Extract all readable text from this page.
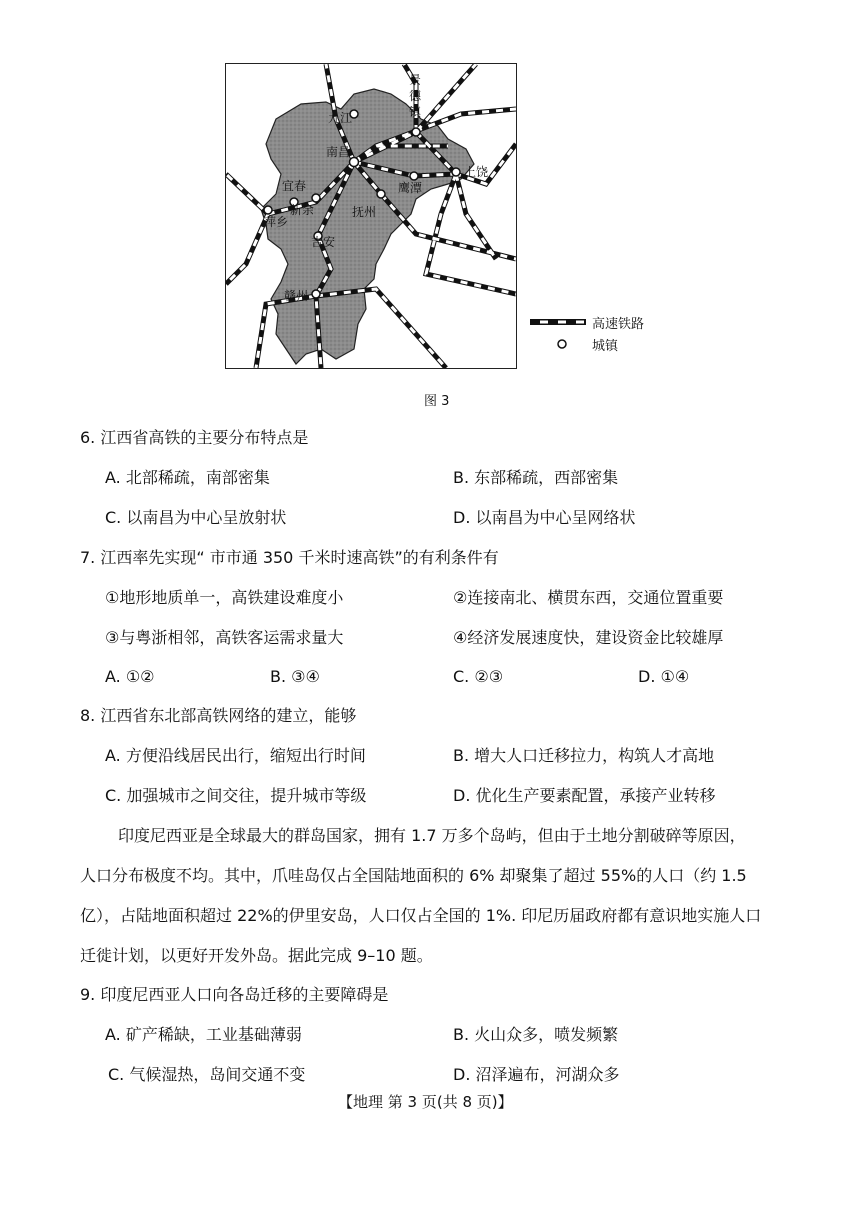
景
德
镇
九江
南昌
上饶
鹰潭
宜春
新余
萍乡
抚州
吉安
赣州
高速铁路
城镇
图 3
6. 江西省高铁的主要分布特点是
A. 北部稀疏，南部密集	B. 东部稀疏，西部密集
C. 以南昌为中心呈放射状	D. 以南昌为中心呈网络状
7. 江西率先实现“ 市市通 350 千米时速高铁”的有利条件有
①地形地质单一，高铁建设难度小	②连接南北、横贯东西，交通位置重要
③与粤浙相邻，高铁客运需求量大	④经济发展速度快，建设资金比较雄厚
A. ①②	B. ③④	C. ②③	D. ①④
8. 江西省东北部高铁网络的建立，能够
A. 方便沿线居民出行，缩短出行时间	B. 增大人口迁移拉力，构筑人才高地
C. 加强城市之间交往，提升城市等级	D. 优化生产要素配置，承接产业转移
印度尼西亚是全球最大的群岛国家，拥有 1.7 万多个岛屿，但由于土地分割破碎等原因，
人口分布极度不均。其中，爪哇岛仅占全国陆地面积的 6% 却聚集了超过 55%的人口（约 1.5
亿），占陆地面积超过 22%的伊里安岛，人口仅占全国的 1%. 印尼历届政府都有意识地实施人口
迁徙计划，以更好开发外岛。据此完成 9–10 题。
9. 印度尼西亚人口向各岛迁移的主要障碍是
A. 矿产稀缺，工业基础薄弱	B. 火山众多，喷发频繁
C. 气候湿热，岛间交通不变	D. 沼泽遍布，河湖众多
【地理 第 3 页(共 8 页)】
